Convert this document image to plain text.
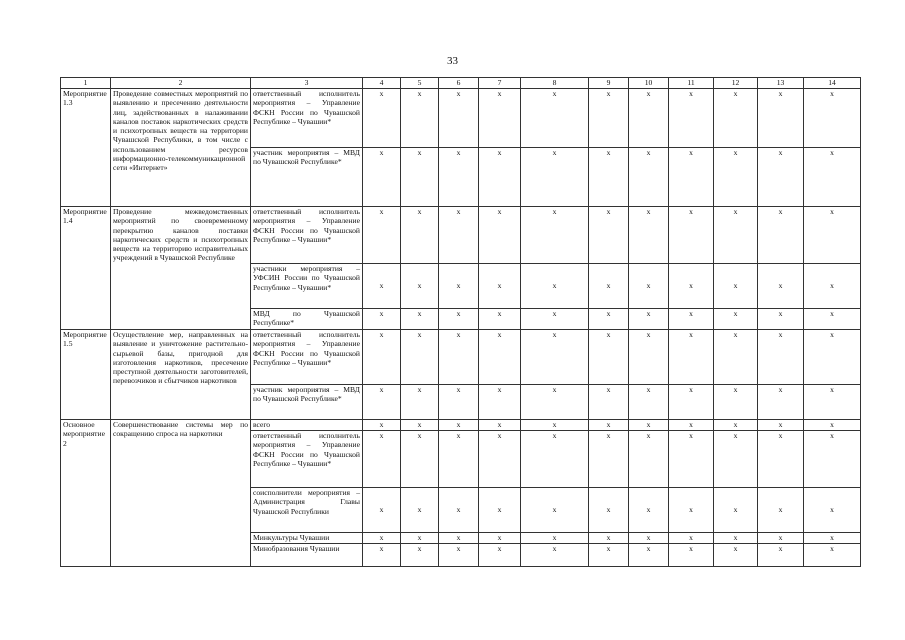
33
1	2	3	4	5	6	7	8	9	10	11	12	13	14
Мероприятие 1.3	Проведение совместных мероприятий по выявлению и пресечению деятельности лиц, задействованных в налаживании каналов поставок наркотических средств и психотропных веществ на территории Чувашской Республики, в том числе с использованием ресурсов информационно-телекоммуникационной сети «Интернет»	ответственный исполнитель мероприятия – Управление ФСКН России по Чувашской Республике – Чувашии*	x	x	x	x	x	x	x	x	x	x	x
		участник мероприятия – МВД по Чувашской Республике*	x	x	x	x	x	x	x	x	x	x	x
Мероприятие 1.4	Проведение межведомственных мероприятий по своевременному перекрытию каналов поставки наркотических средств и психотропных веществ на территорию исправительных учреждений в Чувашской Республике	ответственный исполнитель мероприятия – Управление ФСКН России по Чувашской Республике – Чувашии*	x	x	x	x	х	x	x	x	x	x	x
		участники мероприятия – УФСИН России по Чувашской Республике – Чувашии*	x	x	x	x	x	x	x	x	x	x	x
		МВД по Чувашской Республике*	x	x	x	x	x	x	x	x	x	x	x
Мероприятие 1.5	Осуществление мер, направленных на выявление и уничтожение растительно-сырьевой базы, пригодной для изготовления наркотиков, пресечение преступной деятельности заготовителей, перевозчиков и сбытчиков наркотиков	ответственный исполнитель мероприятия – Управление ФСКН России по Чувашской Республике – Чувашии*	x	x	x	x	x	x	x	x	x	x	x
		участник мероприятия – МВД по Чувашской Республике*	x	x	x	x	x	x	x	x	x	x	x
Основное мероприятие 2	Совершенствование системы мер по сокращению спроса на наркотики	всего	x	x	x	x	x	x	x	x	x	x	x
		ответственный исполнитель мероприятия – Управление ФСКН России по Чувашской Республике – Чувашии*	x	x	x	x	x	x	x	x	x	x	x
		соисполнители мероприятия – Администрация Главы Чувашской Республики	x	x	x	x	x	x	x	x	x	x	x
		Минкультуры Чувашии	x	x	x	x	x	x	x	x	x	x	x
		Минобразования Чувашии	x	x	x	x	x	x	x	x	x	x	x
